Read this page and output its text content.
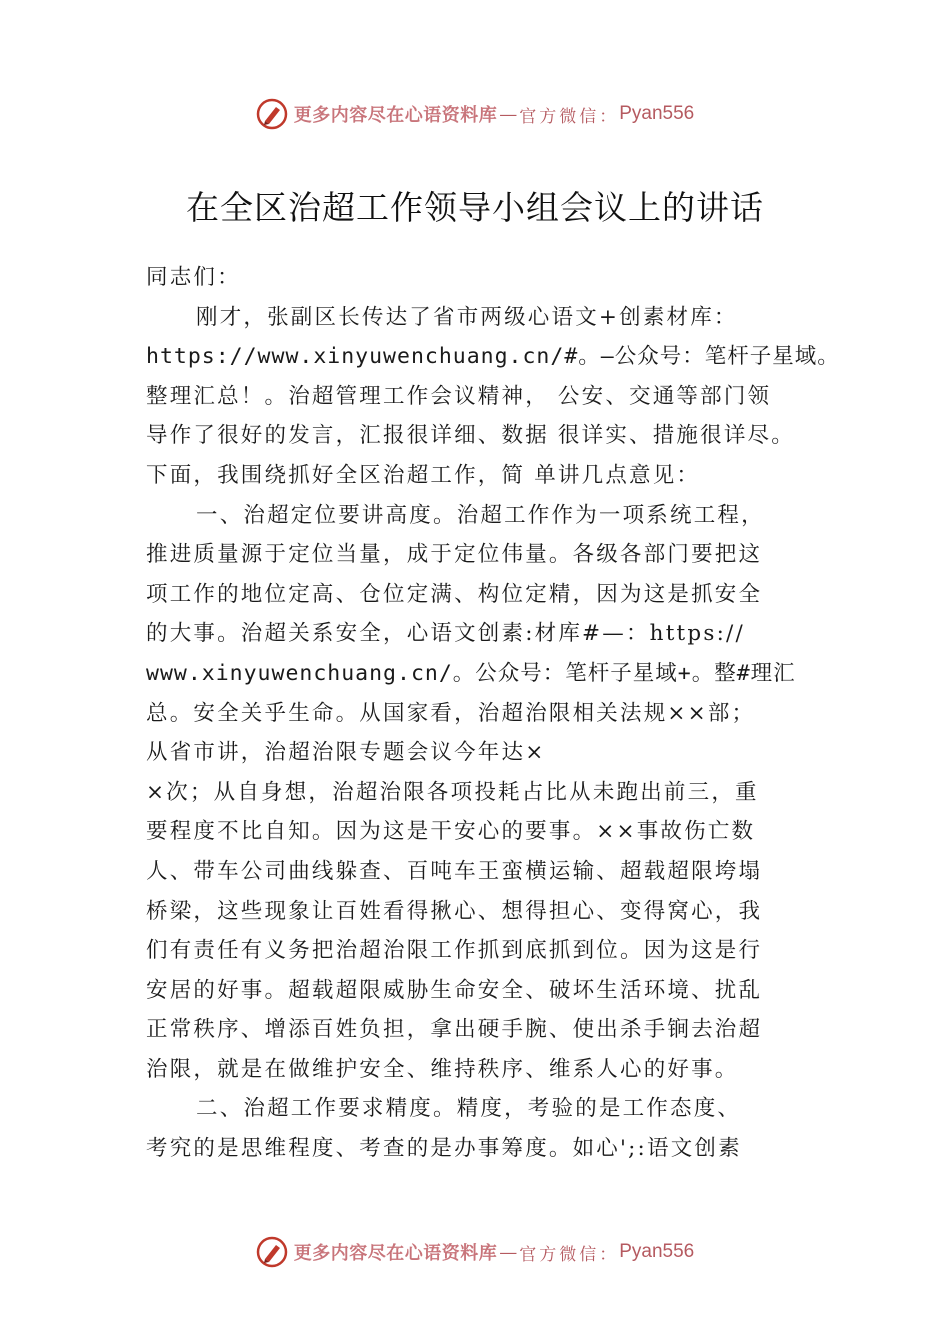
更多内容尽在心语资料库 — 官方微信： Pyan556
在全区治超工作领导小组会议上的讲话
同志们：
刚才，张副区长传达了省市两级心语文+创素材库：
https://www.xinyuwenchuang.cn/#。—公众号：笔杆子星域。
整理汇总！。治超管理工作会议精神， 公安、交通等部门领
导作了很好的发言，汇报很详细、数据 很详实、措施很详尽。
下面，我围绕抓好全区治超工作，简 单讲几点意见：
一、治超定位要讲高度。治超工作作为一项系统工程，
推进质量源于定位当量，成于定位伟量。各级各部门要把这
项工作的地位定高、仓位定满、构位定精，因为这是抓安全
的大事。治超关系安全，心语文创素:材库#—：https://
www.xinyuwenchuang.cn/。公众号：笔杆子星域+。整#理汇
总。安全关乎生命。从国家看，治超治限相关法规××部；
从省市讲，治超治限专题会议今年达×
×次；从自身想，治超治限各项投耗占比从未跑出前三，重
要程度不比自知。因为这是干安心的要事。××事故伤亡数
人、带车公司曲线躲查、百吨车王蛮横运输、超载超限垮塌
桥梁，这些现象让百姓看得揪心、想得担心、变得窝心，我
们有责任有义务把治超治限工作抓到底抓到位。因为这是行
安居的好事。超载超限威胁生命安全、破坏生活环境、扰乱
正常秩序、增添百姓负担，拿出硬手腕、使出杀手锏去治超
治限，就是在做维护安全、维持秩序、维系人心的好事。
二、治超工作要求精度。精度，考验的是工作态度、
考究的是思维程度、考查的是办事筹度。如心';:语文创素
更多内容尽在心语资料库 — 官方微信： Pyan556
